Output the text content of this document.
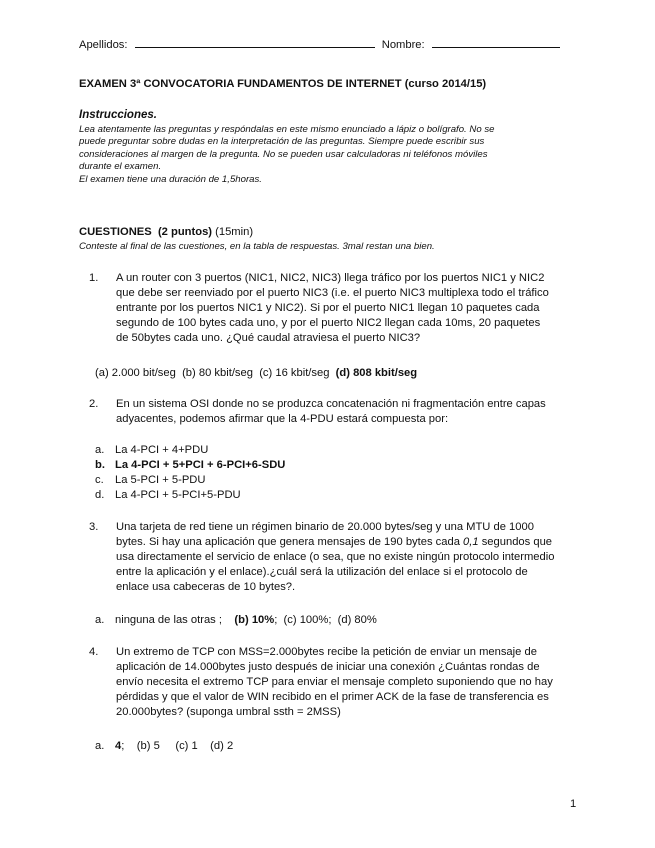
Apellidos:	Nombre:
EXAMEN 3ª CONVOCATORIA FUNDAMENTOS DE INTERNET (curso 2014/15)
Instrucciones.
Lea atentamente las preguntas y respóndalas en este mismo enunciado a lápiz o bolígrafo. No se
puede preguntar sobre dudas en la interpretación de las preguntas. Siempre puede escribir sus
consideraciones al margen de la pregunta. No se pueden usar calculadoras ni teléfonos móviles
durante el examen.
El examen tiene una duración de 1,5horas.
CUESTIONES (2 puntos) (15min)
Conteste al final de las cuestiones, en la tabla de respuestas. 3mal restan una bien.
1. A un router con 3 puertos (NIC1, NIC2, NIC3) llega tráfico por los puertos NIC1 y NIC2
que debe ser reenviado por el puerto NIC3 (i.e. el puerto NIC3 multiplexa todo el tráfico
entrante por los puertos NIC1 y NIC2). Si por el puerto NIC1 llegan 10 paquetes cada
segundo de 100 bytes cada uno, y por el puerto NIC2 llegan cada 10ms, 20 paquetes
de 50bytes cada uno. ¿Qué caudal atraviesa el puerto NIC3?
(a) 2.000 bit/seg (b) 80 kbit/seg (c) 16 kbit/seg (d) 808 kbit/seg
2. En un sistema OSI donde no se produzca concatenación ni fragmentación entre capas
adyacentes, podemos afirmar que la 4-PDU estará compuesta por:
a. La 4-PCI + 4+PDU
b. La 4-PCI + 5+PCI + 6-PCI+6-SDU
c. La 5-PCI + 5-PDU
d. La 4-PCI + 5-PCI+5-PDU
3. Una tarjeta de red tiene un régimen binario de 20.000 bytes/seg y una MTU de 1000
bytes. Si hay una aplicación que genera mensajes de 190 bytes cada 0,1 segundos que
usa directamente el servicio de enlace (o sea, que no existe ningún protocolo intermedio
entre la aplicación y el enlace).¿cuál será la utilización del enlace si el protocolo de
enlace usa cabeceras de 10 bytes?.
a. ninguna de las otras ; (b) 10%;  (c) 100%; (d) 80%
4. Un extremo de TCP con MSS=2.000bytes recibe la petición de enviar un mensaje de
aplicación de 14.000bytes justo después de iniciar una conexión ¿Cuántas rondas de
envío necesita el extremo TCP para enviar el mensaje completo suponiendo que no hay
pérdidas y que el valor de WIN recibido en el primer ACK de la fase de transferencia es
20.000bytes? (suponga umbral ssth = 2MSS)
a. 4;    (b) 5 (c) 1 (d) 2
1
